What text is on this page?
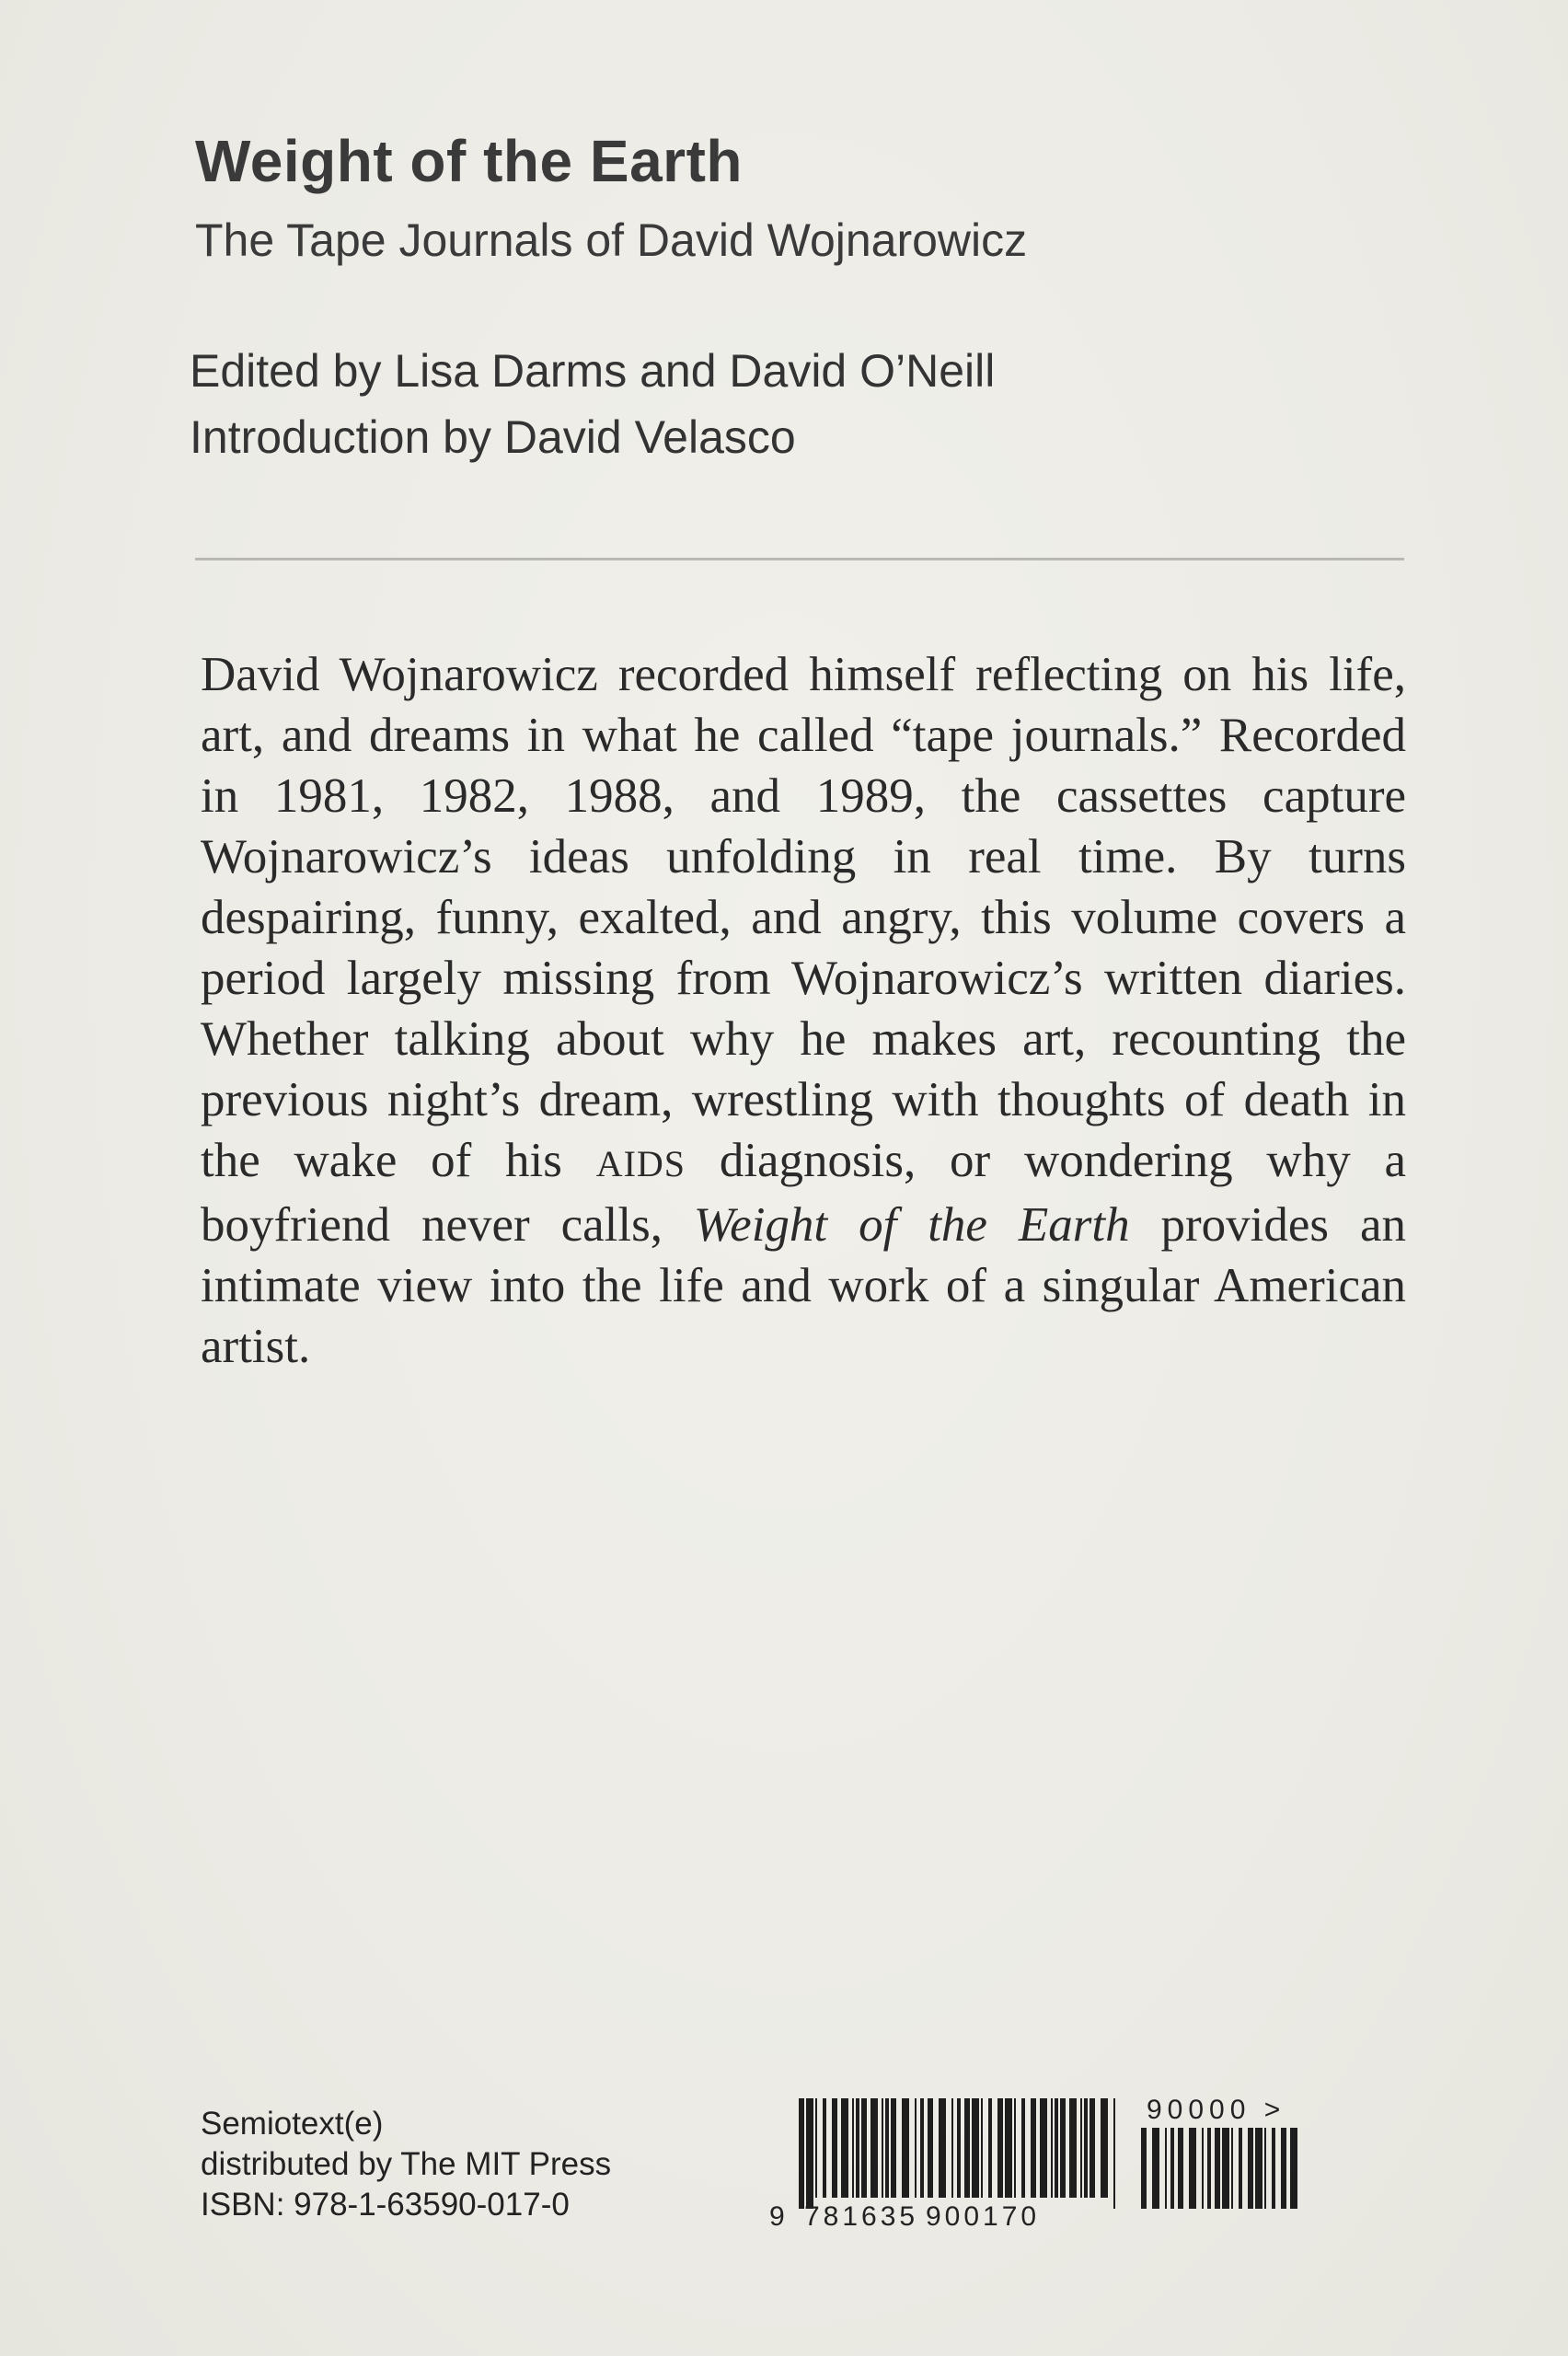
Weight of the Earth
The Tape Journals of David Wojnarowicz
Edited by Lisa Darms and David O’Neill
Introduction by David Velasco

David Wojnarowicz recorded himself reflecting on his life, art, and dreams in what he called “tape journals.” Recorded in 1981, 1982, 1988, and 1989, the cassettes capture Wojnarowicz’s ideas unfolding in real time. By turns despairing, funny, exalted, and angry, this volume covers a period largely missing from Wojnarowicz’s written diaries. Whether talking about why he makes art, recounting the previous night’s dream, wrestling with thoughts of death in the wake of his AIDS diagnosis, or wondering why a boyfriend never calls, Weight of the Earth provides an intimate view into the life and work of a singular American artist.

Semiotext(e)
distributed by The MIT Press
ISBN: 978-1-63590-017-0	9 781635 900170
90000 >
